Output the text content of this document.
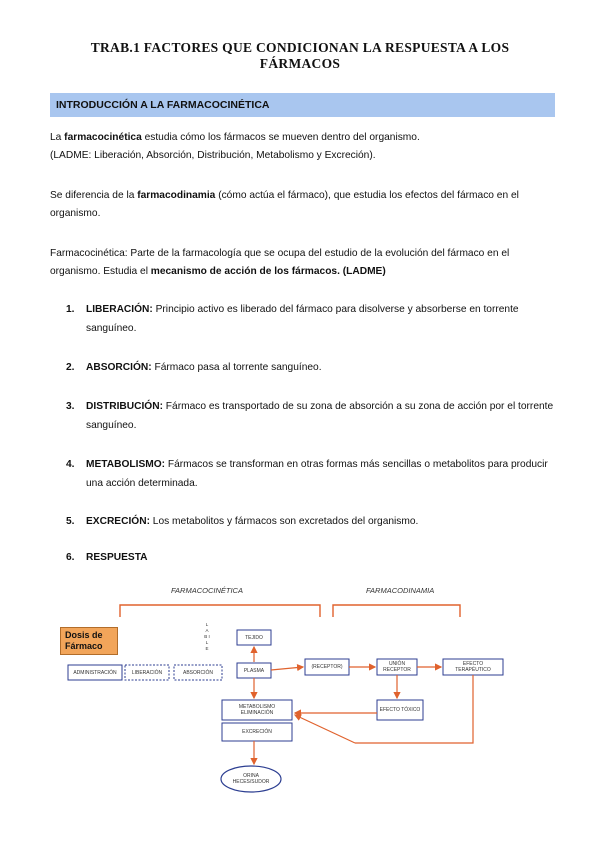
TRAB.1 FACTORES QUE CONDICIONAN LA RESPUESTA A LOS
FÁRMACOS
INTRODUCCIÓN A LA FARMACOCINÉTICA
La farmacocinética estudia cómo los fármacos se mueven dentro del organismo.
(LADME: Liberación, Absorción, Distribución, Metabolismo y Excreción).
Se diferencia de la farmacodinamia (cómo actúa el fármaco), que estudia los efectos del fármaco en el organismo.
Farmacocinética: Parte de la farmacología que se ocupa del estudio de la evolución del fármaco en el organismo. Estudia el mecanismo de acción de los fármacos. (LADME)
1.	LIBERACIÓN: Principio activo es liberado del fármaco para disolverse y absorberse en torrente sanguíneo.
2.	ABSORCIÓN: Fármaco pasa al torrente sanguíneo.
3.	DISTRIBUCIÓN: Fármaco es transportado de su zona de absorción a su zona de acción por el torrente sanguíneo.
4.	METABOLISMO: Fármacos se transforman en otras formas más sencillas o metabolitos para producir una acción determinada.
5.	EXCRECIÓN: Los metabolitos y fármacos son excretados del organismo.
6.	RESPUESTA
FARMACOCINÉTICA	FARMACODINAMIA
Dosis de
Fármaco
L A B I L E
ADMINISTRACIÓN	LIBERACIÓN	ABSORCIÓN
TEJIDO
PLASMA
(RECEPTOR)	UNIÓN RECEPTOR
EFECTO TERAPÉUTICO
EFECTO TÓXICO
METABOLISMO ELIMINACIÓN
EXCRECIÓN
ORINA HECES/SUDOR
